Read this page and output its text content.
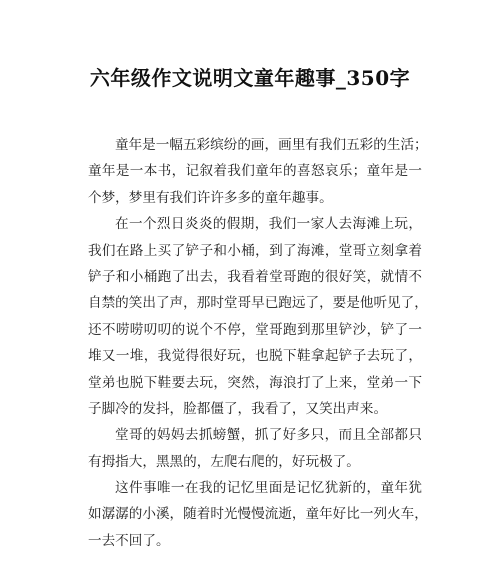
六年级作文说明文童年趣事_350字
童年是一幅五彩缤纷的画，画里有我们五彩的生活；
童年是一本书，记叙着我们童年的喜怒哀乐；童年是一
个梦，梦里有我们许许多多的童年趣事。
在一个烈日炎炎的假期，我们一家人去海滩上玩，
我们在路上买了铲子和小桶，到了海滩，堂哥立刻拿着
铲子和小桶跑了出去，我看着堂哥跑的很好笑，就情不
自禁的笑出了声，那时堂哥早已跑远了，要是他听见了，
还不唠唠叨叨的说个不停，堂哥跑到那里铲沙，铲了一
堆又一堆，我觉得很好玩，也脱下鞋拿起铲子去玩了，
堂弟也脱下鞋要去玩，突然，海浪打了上来，堂弟一下
子脚冷的发抖，脸都僵了，我看了，又笑出声来。
堂哥的妈妈去抓螃蟹，抓了好多只，而且全部都只
有拇指大，黑黑的，左爬右爬的，好玩极了。
这件事唯一在我的记忆里面是记忆犹新的，童年犹
如潺潺的小溪，随着时光慢慢流逝，童年好比一列火车，
一去不回了。
